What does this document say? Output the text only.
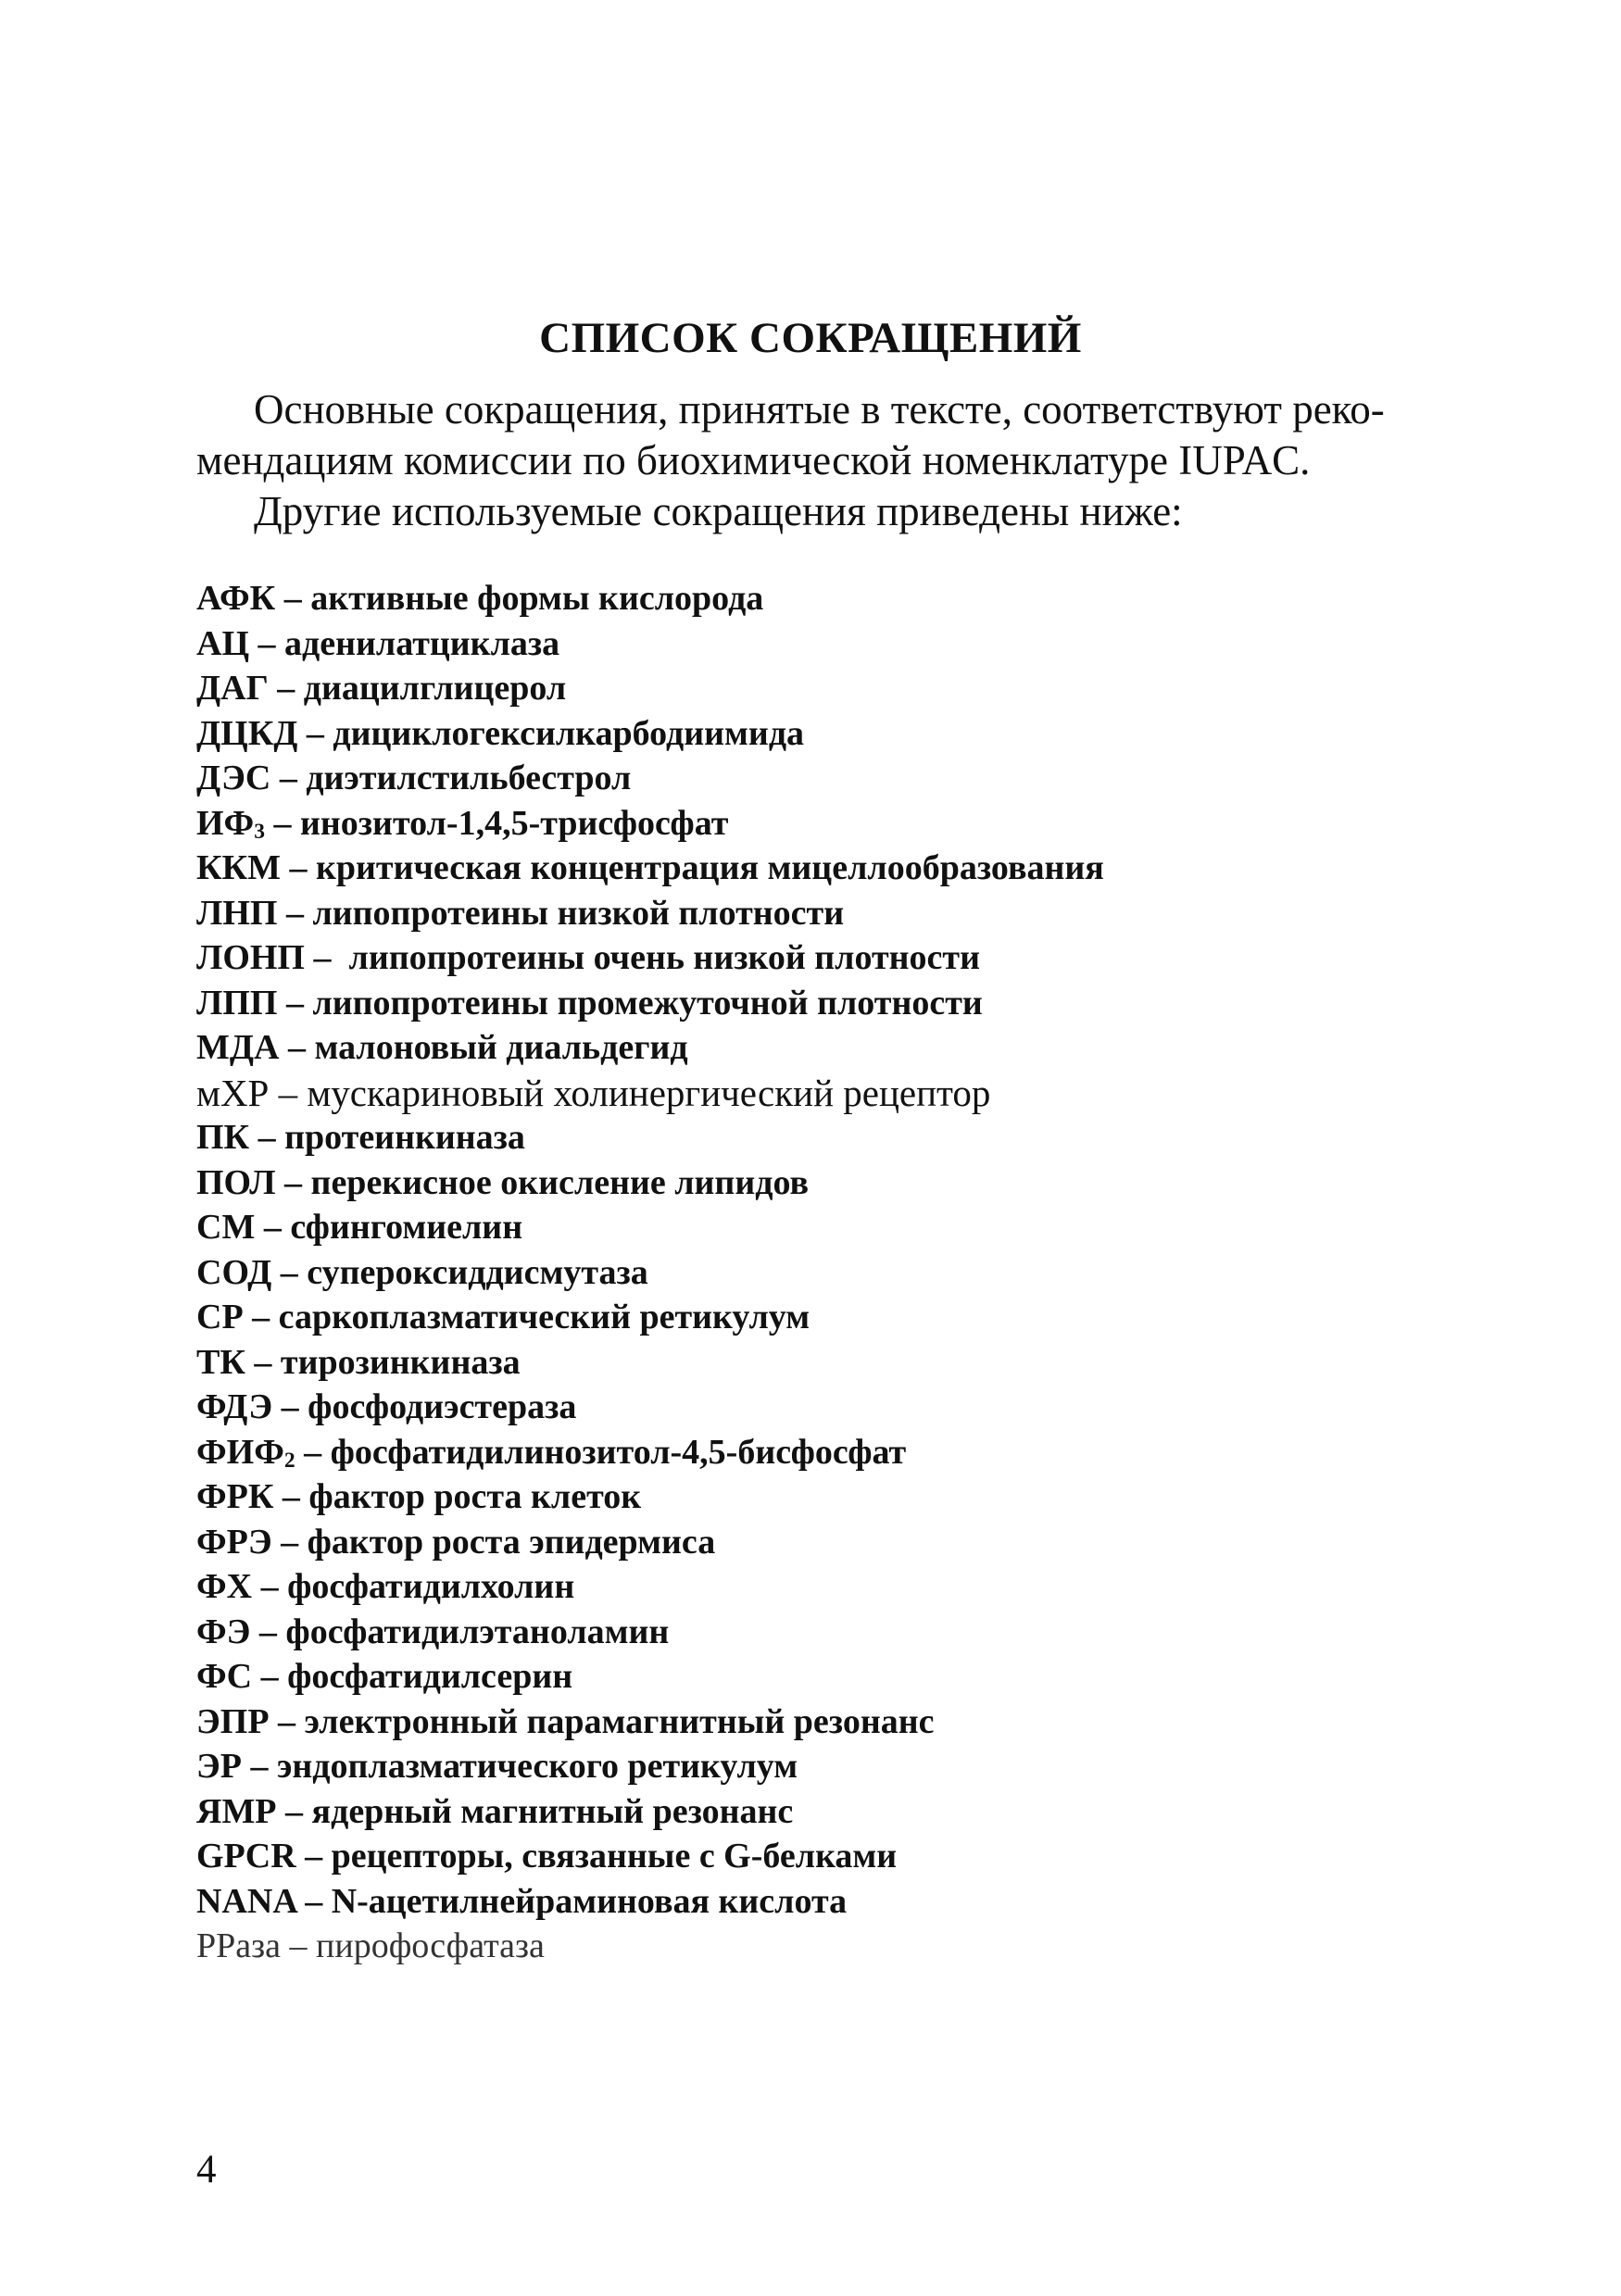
СПИСОК СОКРАЩЕНИЙ

Основные сокращения, принятые в тексте, соответствуют реко-мендациям комиссии по биохимической номенклатуре IUPAC.

Другие используемые сокращения приведены ниже:

АФК – активные формы кислорода
АЦ – аденилатциклаза
ДАГ – диацилглицерол
ДЦКД – дициклогексилкарбодиимида
ДЭС – диэтилстильбестрол
$ИФ_3$ – инозитол-1,4,5-трисфосфат
ККМ – критическая концентрация мицеллообразования
ЛНП – липопротеины низкой плотности
ЛОНП –  липопротеины очень низкой плотности
ЛПП – липопротеины промежуточной плотности
МДА – малоновый диальдегид
мХР – мускариновый холинергический рецептор
ПК – протеинкиназа
ПОЛ – перекисное окисление липидов
СМ – сфингомиелин
СОД – супероксиддисмутаза
СР – саркоплазматический ретикулум
ТК – тирозинкиназа
ФДЭ – фосфодиэстераза
$ФИФ_2$ – фосфатидилинозитол-4,5-бисфосфат
ФРК – фактор роста клеток
ФРЭ – фактор роста эпидермиса
ФХ – фосфатидилхолин
ФЭ – фосфатидилэтаноламин
ФС – фосфатидилсерин
ЭПР – электронный парамагнитный резонанс
ЭР – эндоплазматического ретикулум
ЯМР – ядерный магнитный резонанс
GPCR – рецепторы, связанные с G-белками
NANA – N-ацетилнейраминовая кислота
PPаза – пирофосфатаза
4
